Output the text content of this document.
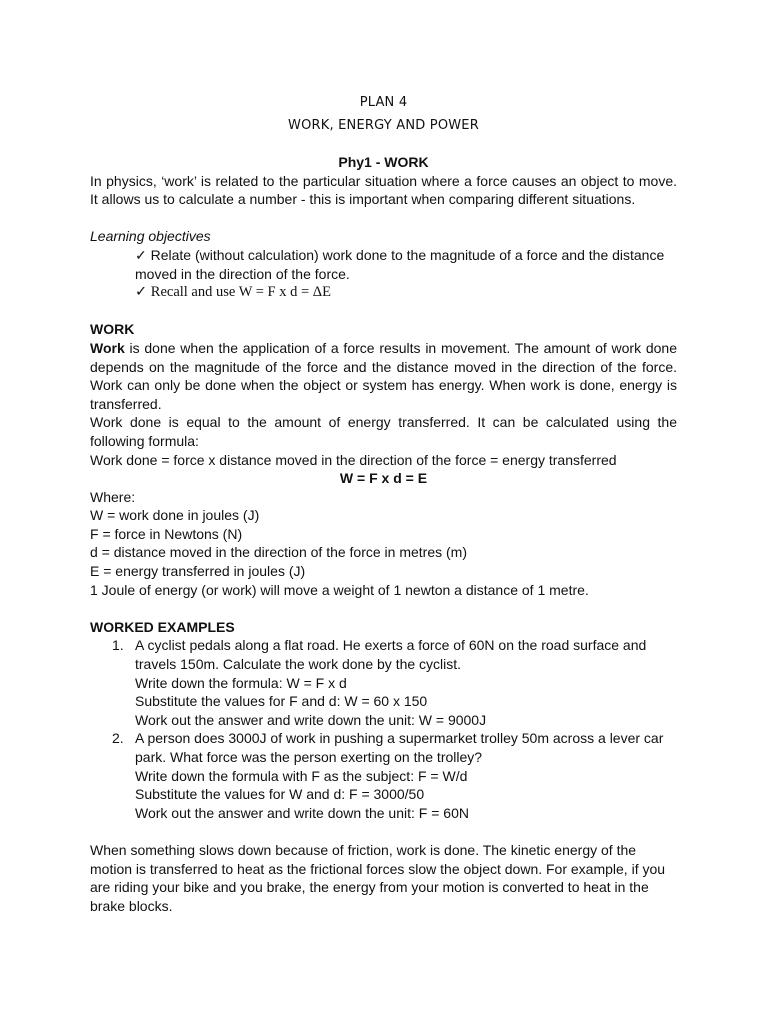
PLAN 4
WORK, ENERGY AND POWER
Phy1 - WORK

In physics, ‘work’ is related to the particular situation where a force causes an object to move. It allows us to calculate a number - this is important when comparing different situations.

Learning objectives

✓ Relate (without calculation) work done to the magnitude of a force and the distance moved in the direction of the force.

✓ Recall and use W = F x d = ΔE

WORK

Work is done when the application of a force results in movement. The amount of work done depends on the magnitude of the force and the distance moved in the direction of the force. Work can only be done when the object or system has energy. When work is done, energy is transferred.

Work done is equal to the amount of energy transferred. It can be calculated using the following formula:

Work done = force x distance moved in the direction of the force = energy transferred

W = F x d = E

Where:

W = work done in joules (J)

F = force in Newtons (N)

d = distance moved in the direction of the force in metres (m)

E = energy transferred in joules (J)

1 Joule of energy (or work) will move a weight of 1 newton a distance of 1 metre.

WORKED EXAMPLES

1. A cyclist pedals along a flat road. He exerts a force of 60N on the road surface and travels 150m. Calculate the work done by the cyclist.

Write down the formula: W = F x d

Substitute the values for F and d: W = 60 x 150

Work out the answer and write down the unit: W = 9000J

2. A person does 3000J of work in pushing a supermarket trolley 50m across a lever car park. What force was the person exerting on the trolley?

Write down the formula with F as the subject: F = W/d

Substitute the values for W and d: F = 3000/50

Work out the answer and write down the unit: F = 60N

When something slows down because of friction, work is done. The kinetic energy of the motion is transferred to heat as the frictional forces slow the object down. For example, if you are riding your bike and you brake, the energy from your motion is converted to heat in the brake blocks.
